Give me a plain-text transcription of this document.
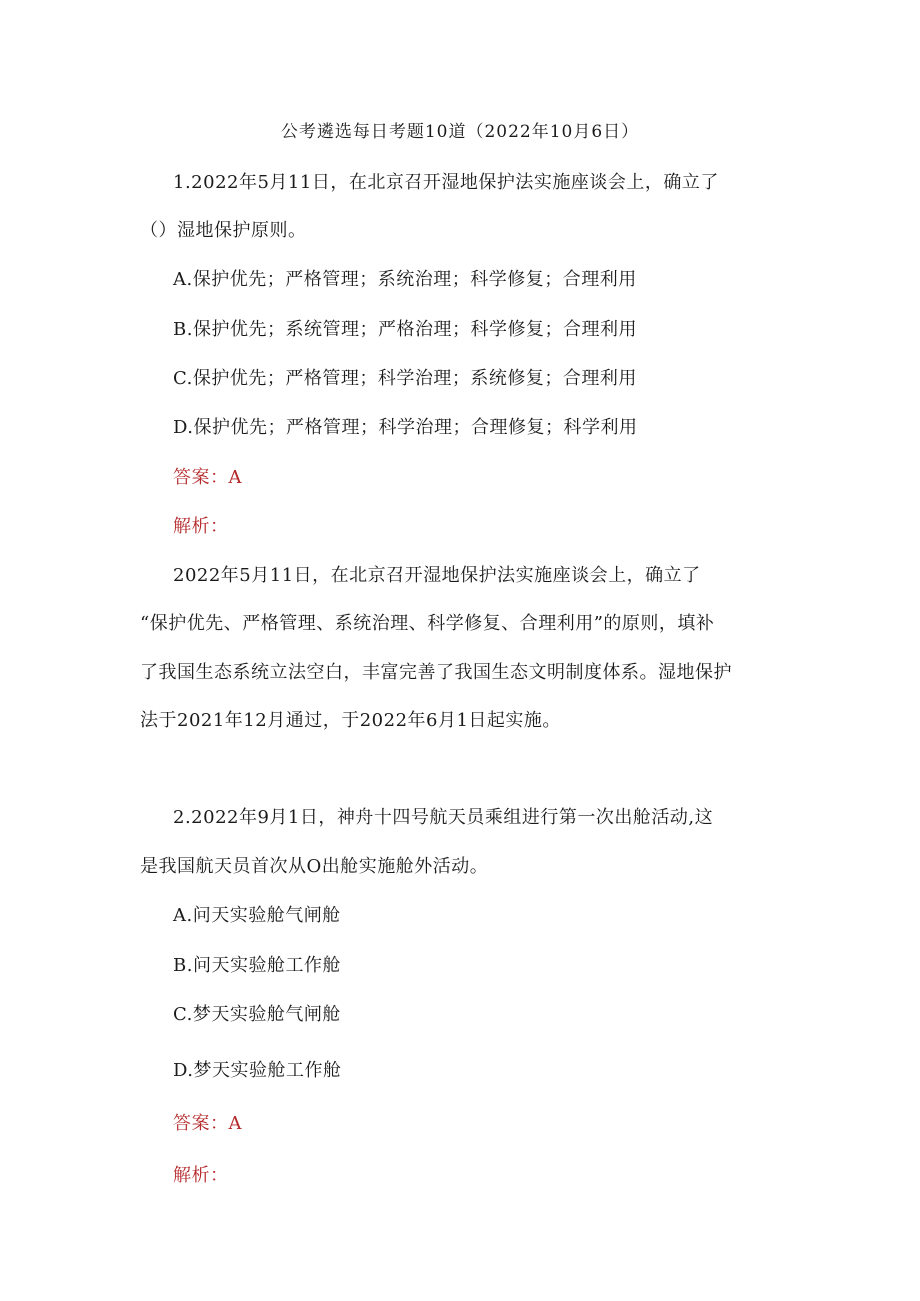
公考遴选每日考题10道（2022年10月6日）
1.2022年5月11日，在北京召开湿地保护法实施座谈会上，确立了
（）湿地保护原则。
A.保护优先；严格管理；系统治理；科学修复；合理利用
B.保护优先；系统管理；严格治理；科学修复；合理利用
C.保护优先；严格管理；科学治理；系统修复；合理利用
D.保护优先；严格管理；科学治理；合理修复；科学利用
答案：A
解析：
2022年5月11日，在北京召开湿地保护法实施座谈会上，确立了
“保护优先、严格管理、系统治理、科学修复、合理利用”的原则，填补
了我国生态系统立法空白，丰富完善了我国生态文明制度体系。湿地保护
法于2021年12月通过，于2022年6月1日起实施。
2.2022年9月1日，神舟十四号航天员乘组进行第一次出舱活动,这
是我国航天员首次从O出舱实施舱外活动。
A.问天实验舱气闸舱
B.问天实验舱工作舱
C.梦天实验舱气闸舱
D.梦天实验舱工作舱
答案：A
解析：
